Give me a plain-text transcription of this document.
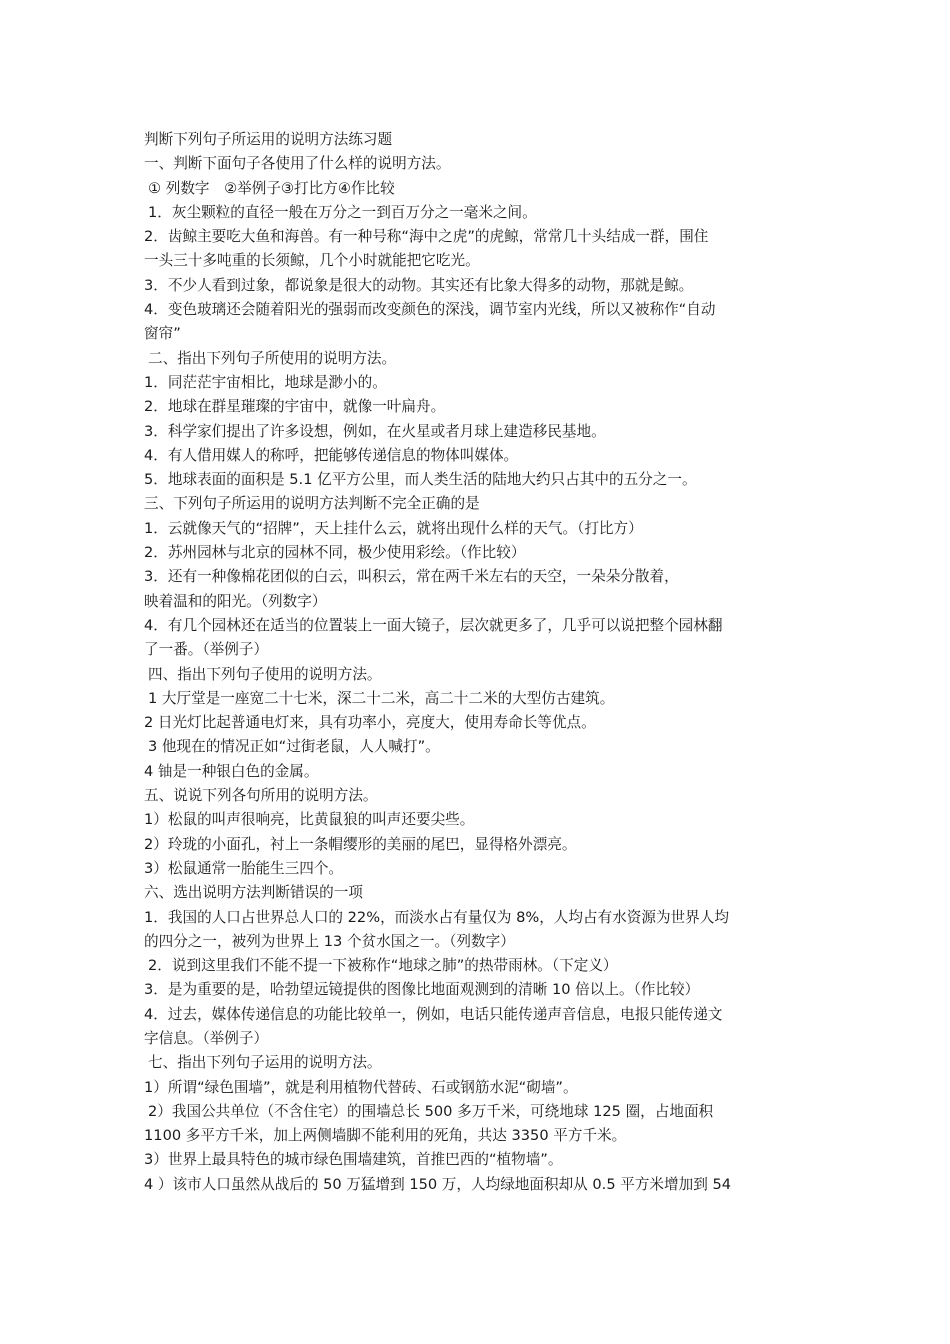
判断下列句子所运用的说明方法练习题
一、判断下面句子各使用了什么样的说明方法。
① 列数字　②举例子③打比方④作比较
1．灰尘颗粒的直径一般在万分之一到百万分之一毫米之间。
2．齿鲸主要吃大鱼和海兽。有一种号称“海中之虎”的虎鲸，常常几十头结成一群，围住
一头三十多吨重的长须鲸，几个小时就能把它吃光。
3．不少人看到过象，都说象是很大的动物。其实还有比象大得多的动物，那就是鲸。
4．变色玻璃还会随着阳光的强弱而改变颜色的深浅，调节室内光线，所以又被称作“自动
窗帘”
二、指出下列句子所使用的说明方法。
1．同茫茫宇宙相比，地球是渺小的。
2．地球在群星璀璨的宇宙中，就像一叶扁舟。
3．科学家们提出了许多设想，例如，在火星或者月球上建造移民基地。
4．有人借用媒人的称呼，把能够传递信息的物体叫媒体。
5．地球表面的面积是 5.1 亿平方公里，而人类生活的陆地大约只占其中的五分之一。
三、下列句子所运用的说明方法判断不完全正确的是
1．云就像天气的“招牌”，天上挂什么云，就将出现什么样的天气。（打比方）
2．苏州园林与北京的园林不同，极少使用彩绘。（作比较）
3．还有一种像棉花团似的白云，叫积云，常在两千米左右的天空，一朵朵分散着，
映着温和的阳光。（列数字）
4．有几个园林还在适当的位置装上一面大镜子，层次就更多了，几乎可以说把整个园林翻
了一番。（举例子）
四、指出下列句子使用的说明方法。
1 大厅堂是一座宽二十七米，深二十二米，高二十二米的大型仿古建筑。
2 日光灯比起普通电灯来，具有功率小，亮度大，使用寿命长等优点。
3 他现在的情况正如“过街老鼠，人人喊打”。
4 铀是一种银白色的金属。
五、说说下列各句所用的说明方法。
1）松鼠的叫声很响亮，比黄鼠狼的叫声还要尖些。
2）玲珑的小面孔，衬上一条帽缨形的美丽的尾巴，显得格外漂亮。
3）松鼠通常一胎能生三四个。
六、选出说明方法判断错误的一项
1．我国的人口占世界总人口的 22%，而淡水占有量仅为 8%，人均占有水资源为世界人均
的四分之一，被列为世界上 13 个贫水国之一。（列数字）
2．说到这里我们不能不提一下被称作“地球之肺”的热带雨林。（下定义）
3．是为重要的是，哈勃望远镜提供的图像比地面观测到的清晰 10 倍以上。（作比较）
4．过去，媒体传递信息的功能比较单一，例如，电话只能传递声音信息，电报只能传递文
字信息。（举例子）
七、指出下列句子运用的说明方法。
1）所谓“绿色围墙”，就是利用植物代替砖、石或钢筋水泥“砌墙”。
2）我国公共单位（不含住宅）的围墙总长 500 多万千米，可绕地球 125 圈，占地面积
1100 多平方千米，加上两侧墙脚不能利用的死角，共达 3350 平方千米。
3）世界上最具特色的城市绿色围墙建筑，首推巴西的“植物墙”。
4 ）该市人口虽然从战后的 50 万猛增到 150 万，人均绿地面积却从 0.5 平方米增加到 54
